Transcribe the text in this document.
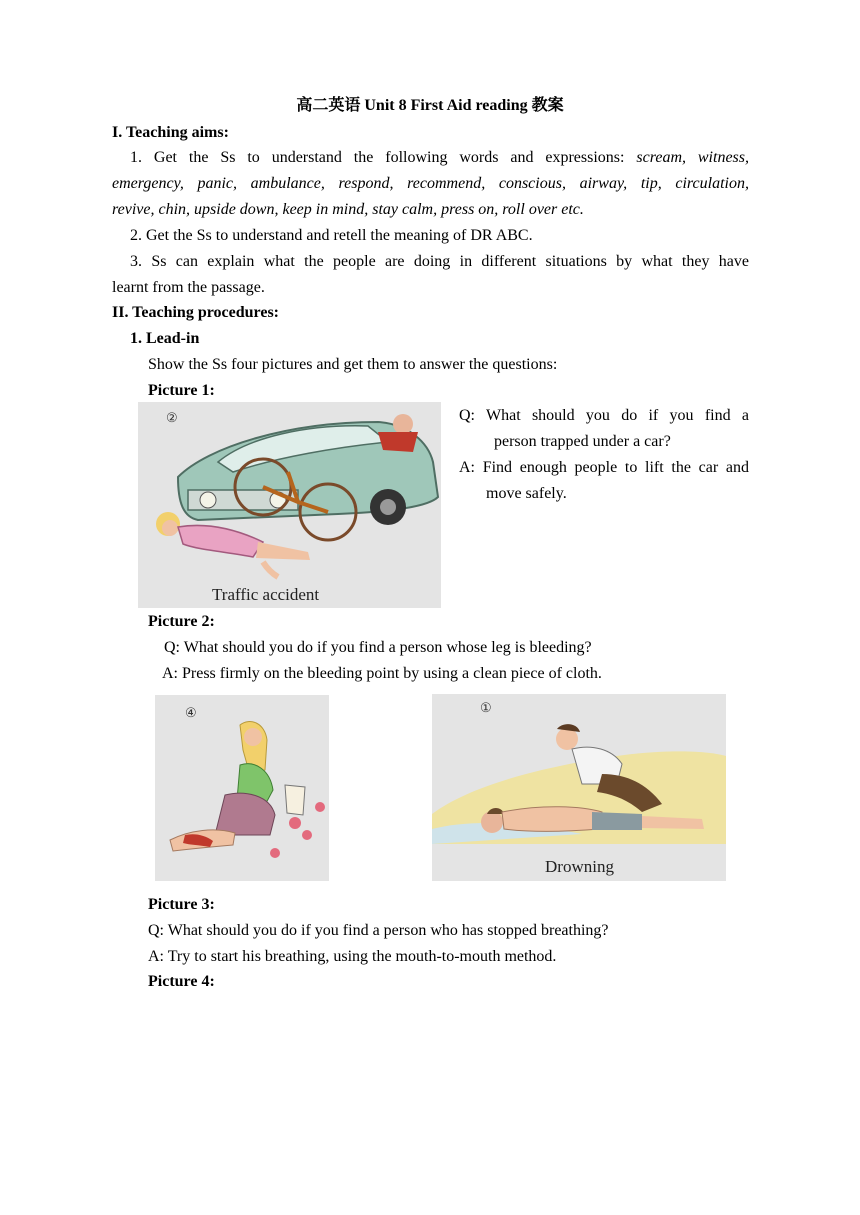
高二英语 Unit 8 First Aid reading 教案
I. Teaching aims:
1. Get the Ss to understand the following words and expressions: scream, witness,
emergency, panic, ambulance, respond, recommend, conscious, airway, tip, circulation,
revive, chin, upside down, keep in mind, stay calm, press on, roll over etc.
2. Get the Ss to understand and retell the meaning of DR ABC.
3. Ss can explain what the people are doing in different situations by what they have
learnt from the passage.
II. Teaching procedures:
1. Lead-in
Show the Ss four pictures and get them to answer the questions:
Picture 1:
②
Traffic accident
Q: What should you do if you find a
person trapped under a car?
A: Find enough people to lift the car and
move safely.
Picture 2:
Q: What should you do if you find a person whose leg is bleeding?
A: Press firmly on the bleeding point by using a clean piece of cloth.
④	①
Drowning
Picture 3:
Q: What should you do if you find a person who has stopped breathing?
A: Try to start his breathing, using the mouth-to-mouth method.
Picture 4:
